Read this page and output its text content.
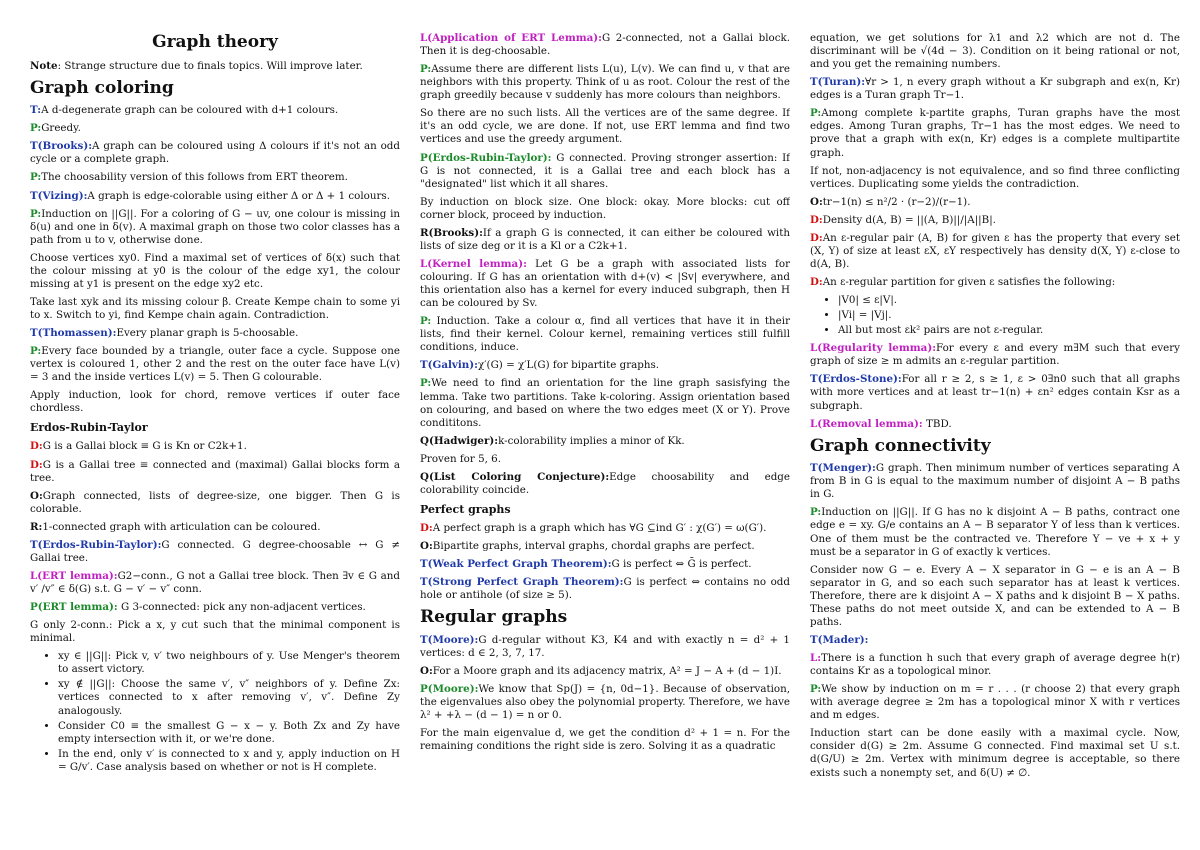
Graph theory

Note: Strange structure due to finals topics. Will improve later.

Graph coloring

T:A d-degenerate graph can be coloured with d+1 colours.

P:Greedy.

T(Brooks):A graph can be coloured using Δ colours if it's not an odd cycle or a complete graph.

P:The choosability version of this follows from ERT theorem.

T(Vizing):A graph is edge-colorable using either Δ or Δ + 1 colours.

P:Induction on ||G||. For a coloring of G − uv, one colour is missing in δ(u) and one in δ(v). A maximal graph on those two color classes has a path from u to v, otherwise done.

Choose vertices xy0. Find a maximal set of vertices of δ(x) such that the colour missing at y0 is the colour of the edge xy1, the colour missing at y1 is present on the edge xy2 etc.

Take last xyk and its missing colour β. Create Kempe chain to some yi to x. Switch to yi, find Kempe chain again. Contradiction.

T(Thomassen):Every planar graph is 5-choosable.

P:Every face bounded by a triangle, outer face a cycle. Suppose one vertex is coloured 1, other 2 and the rest on the outer face have L(v) = 3 and the inside vertices L(v) = 5. Then G colourable.

Apply induction, look for chord, remove vertices if outer face chordless.

Erdos-Rubin-Taylor

D:G is a Gallai block ≡ G is Kn or C2k+1.

D:G is a Gallai tree ≡ connected and (maximal) Gallai blocks form a tree.

O:Graph connected, lists of degree-size, one bigger. Then G is colorable.

R:1-connected graph with articulation can be coloured.

T(Erdos-Rubin-Taylor):G connected. G degree-choosable ↔ G ≠ Gallai tree.

L(ERT lemma):G2−conn., G not a Gallai tree block. Then ∃v ∈ G and v′ /v″ ∈ δ(G) s.t. G − v′ − v″ conn.

P(ERT lemma): G 3-connected: pick any non-adjacent vertices.

G only 2-conn.: Pick a x, y cut such that the minimal component is minimal.

• xy ∈ ||G||: Pick v, v′ two neighbours of y. Use Menger's theorem to assert victory.
• xy ∉ ||G||: Choose the same v′, v″ neighbors of y. Define Zx: vertices connected to x after removing v′, v″. Define Zy analogously.
• Consider C0 ≡ the smallest G − x − y. Both Zx and Zy have empty intersection with it, or we're done.
• In the end, only v′ is connected to x and y, apply induction on H = G/v′. Case analysis based on whether or not is H complete.

L(Application of ERT Lemma):G 2-connected, not a Gallai block. Then it is deg-choosable.

P:Assume there are different lists L(u), L(v). We can find u, v that are neighbors with this property. Think of u as root. Colour the rest of the graph greedily because v suddenly has more colours than neighbors.

So there are no such lists. All the vertices are of the same degree. If it's an odd cycle, we are done. If not, use ERT lemma and find two vertices and use the greedy argument.

P(Erdos-Rubin-Taylor): G connected. Proving stronger assertion: If G is not connected, it is a Gallai tree and each block has a "designated" list which it all shares.

By induction on block size. One block: okay. More blocks: cut off corner block, proceed by induction.

R(Brooks):If a graph G is connected, it can either be coloured with lists of size deg or it is a Kl or a C2k+1.

L(Kernel lemma): Let G be a graph with associated lists for colouring. If G has an orientation with d+(v) < |Sv| everywhere, and this orientation also has a kernel for every induced subgraph, then H can be coloured by Sv.

P: Induction. Take a colour α, find all vertices that have it in their lists, find their kernel. Colour kernel, remaining vertices still fulfill conditions, induce.

T(Galvin):χ′(G) = χ′L(G) for bipartite graphs.

P:We need to find an orientation for the line graph sasisfying the lemma. Take two partitions. Take k-coloring. Assign orientation based on colouring, and based on where the two edges meet (X or Y). Prove condititons.

Q(Hadwiger):k-colorability implies a minor of Kk.

Proven for 5, 6.

Q(List Coloring Conjecture):Edge choosability and edge colorability coincide.

Perfect graphs

D:A perfect graph is a graph which has ∀G ⊆ind G′ : χ(G′) = ω(G′).

O:Bipartite graphs, interval graphs, chordal graphs are perfect.

T(Weak Perfect Graph Theorem):G is perfect ⇔ Ḡ is perfect.

T(Strong Perfect Graph Theorem):G is perfect ⇔ contains no odd hole or antihole (of size ≥ 5).

Regular graphs

T(Moore):G d-regular without K3, K4 and with exactly n = d² + 1 vertices: d ∈ 2, 3, 7, 17.

O:For a Moore graph and its adjacency matrix, A² = J − A + (d − 1)I.

P(Moore):We know that Sp(J) = {n, 0d−1}. Because of observation, the eigenvalues also obey the polynomial property. Therefore, we have λ² + +λ − (d − 1) = n or 0.

For the main eigenvalue d, we get the condition d² + 1 = n. For the remaining conditions the right side is zero. Solving it as a quadratic

equation, we get solutions for λ1 and λ2 which are not d. The discriminant will be √(4d − 3). Condition on it being rational or not, and you get the remaining numbers.

T(Turan):∀r > 1, n every graph without a Kr subgraph and ex(n, Kr) edges is a Turan graph Tr−1.

P:Among complete k-partite graphs, Turan graphs have the most edges. Among Turan graphs, Tr−1 has the most edges. We need to prove that a graph with ex(n, Kr) edges is a complete multipartite graph.

If not, non-adjacency is not equivalence, and so find three conflicting vertices. Duplicating some yields the contradiction.

O:tr−1(n) ≤ n²/2 · (r−2)/(r−1).

D:Density d(A, B) = ||(A, B)||/|A||B|.

D:An ε-regular pair (A, B) for given ε has the property that every set (X, Y) of size at least εX, εY respectively has density d(X, Y) ε-close to d(A, B).

D:An ε-regular partition for given ε satisfies the following:

• |V0| ≤ ε|V|.
• |Vi| = |Vj|.
• All but most εk² pairs are not ε-regular.

L(Regularity lemma):For every ε and every m∃M such that every graph of size ≥ m admits an ε-regular partition.

T(Erdos-Stone):For all r ≥ 2, s ≥ 1, ε > 0∃n0 such that all graphs with more vertices and at least tr−1(n) + εn² edges contain Ksr as a subgraph.

L(Removal lemma): TBD.

Graph connectivity

T(Menger):G graph. Then minimum number of vertices separating A from B in G is equal to the maximum number of disjoint A − B paths in G.

P:Induction on ||G||. If G has no k disjoint A − B paths, contract one edge e = xy. G/e contains an A − B separator Y of less than k vertices. One of them must be the contracted ve. Therefore Y − ve + x + y must be a separator in G of exactly k vertices.

Consider now G − e. Every A − X separator in G − e is an A − B separator in G, and so each such separator has at least k vertices. Therefore, there are k disjoint A − X paths and k disjoint B − X paths. These paths do not meet outside X, and can be extended to A − B paths.

T(Mader):

L:There is a function h such that every graph of average degree h(r) contains Kr as a topological minor.

P:We show by induction on m = r . . . (r choose 2) that every graph with average degree ≥ 2m has a topological minor X with r vertices and m edges.

Induction start can be done easily with a maximal cycle. Now, consider d(G) ≥ 2m. Assume G connected. Find maximal set U s.t. d(G/U) ≥ 2m. Vertex with minimum degree is acceptable, so there exists such a nonempty set, and δ(U) ≠ ∅.
